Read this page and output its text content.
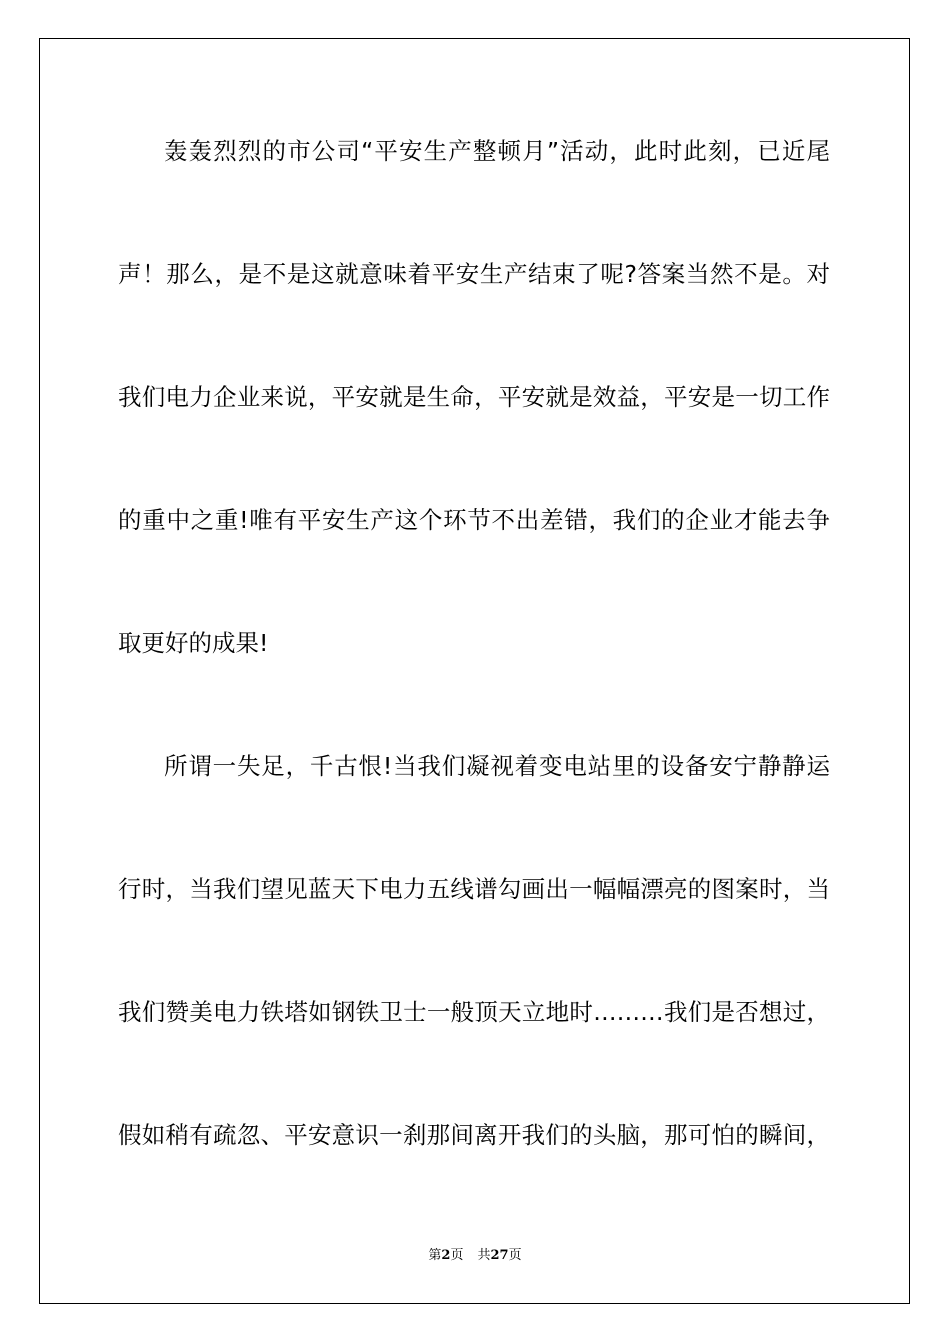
轰轰烈烈的市公司“平安生产整顿月”活动，此时此刻，已近尾
声！那么，是不是这就意味着平安生产结束了呢?答案当然不是。对
我们电力企业来说，平安就是生命，平安就是效益，平安是一切工作
的重中之重!唯有平安生产这个环节不出差错，我们的企业才能去争
取更好的成果!
所谓一失足，千古恨!当我们凝视着变电站里的设备安宁静静运
行时，当我们望见蓝天下电力五线谱勾画出一幅幅漂亮的图案时，当
我们赞美电力铁塔如钢铁卫士一般顶天立地时………我们是否想过，
假如稍有疏忽、平安意识一刹那间离开我们的头脑，那可怕的瞬间，
第2页 共27页
